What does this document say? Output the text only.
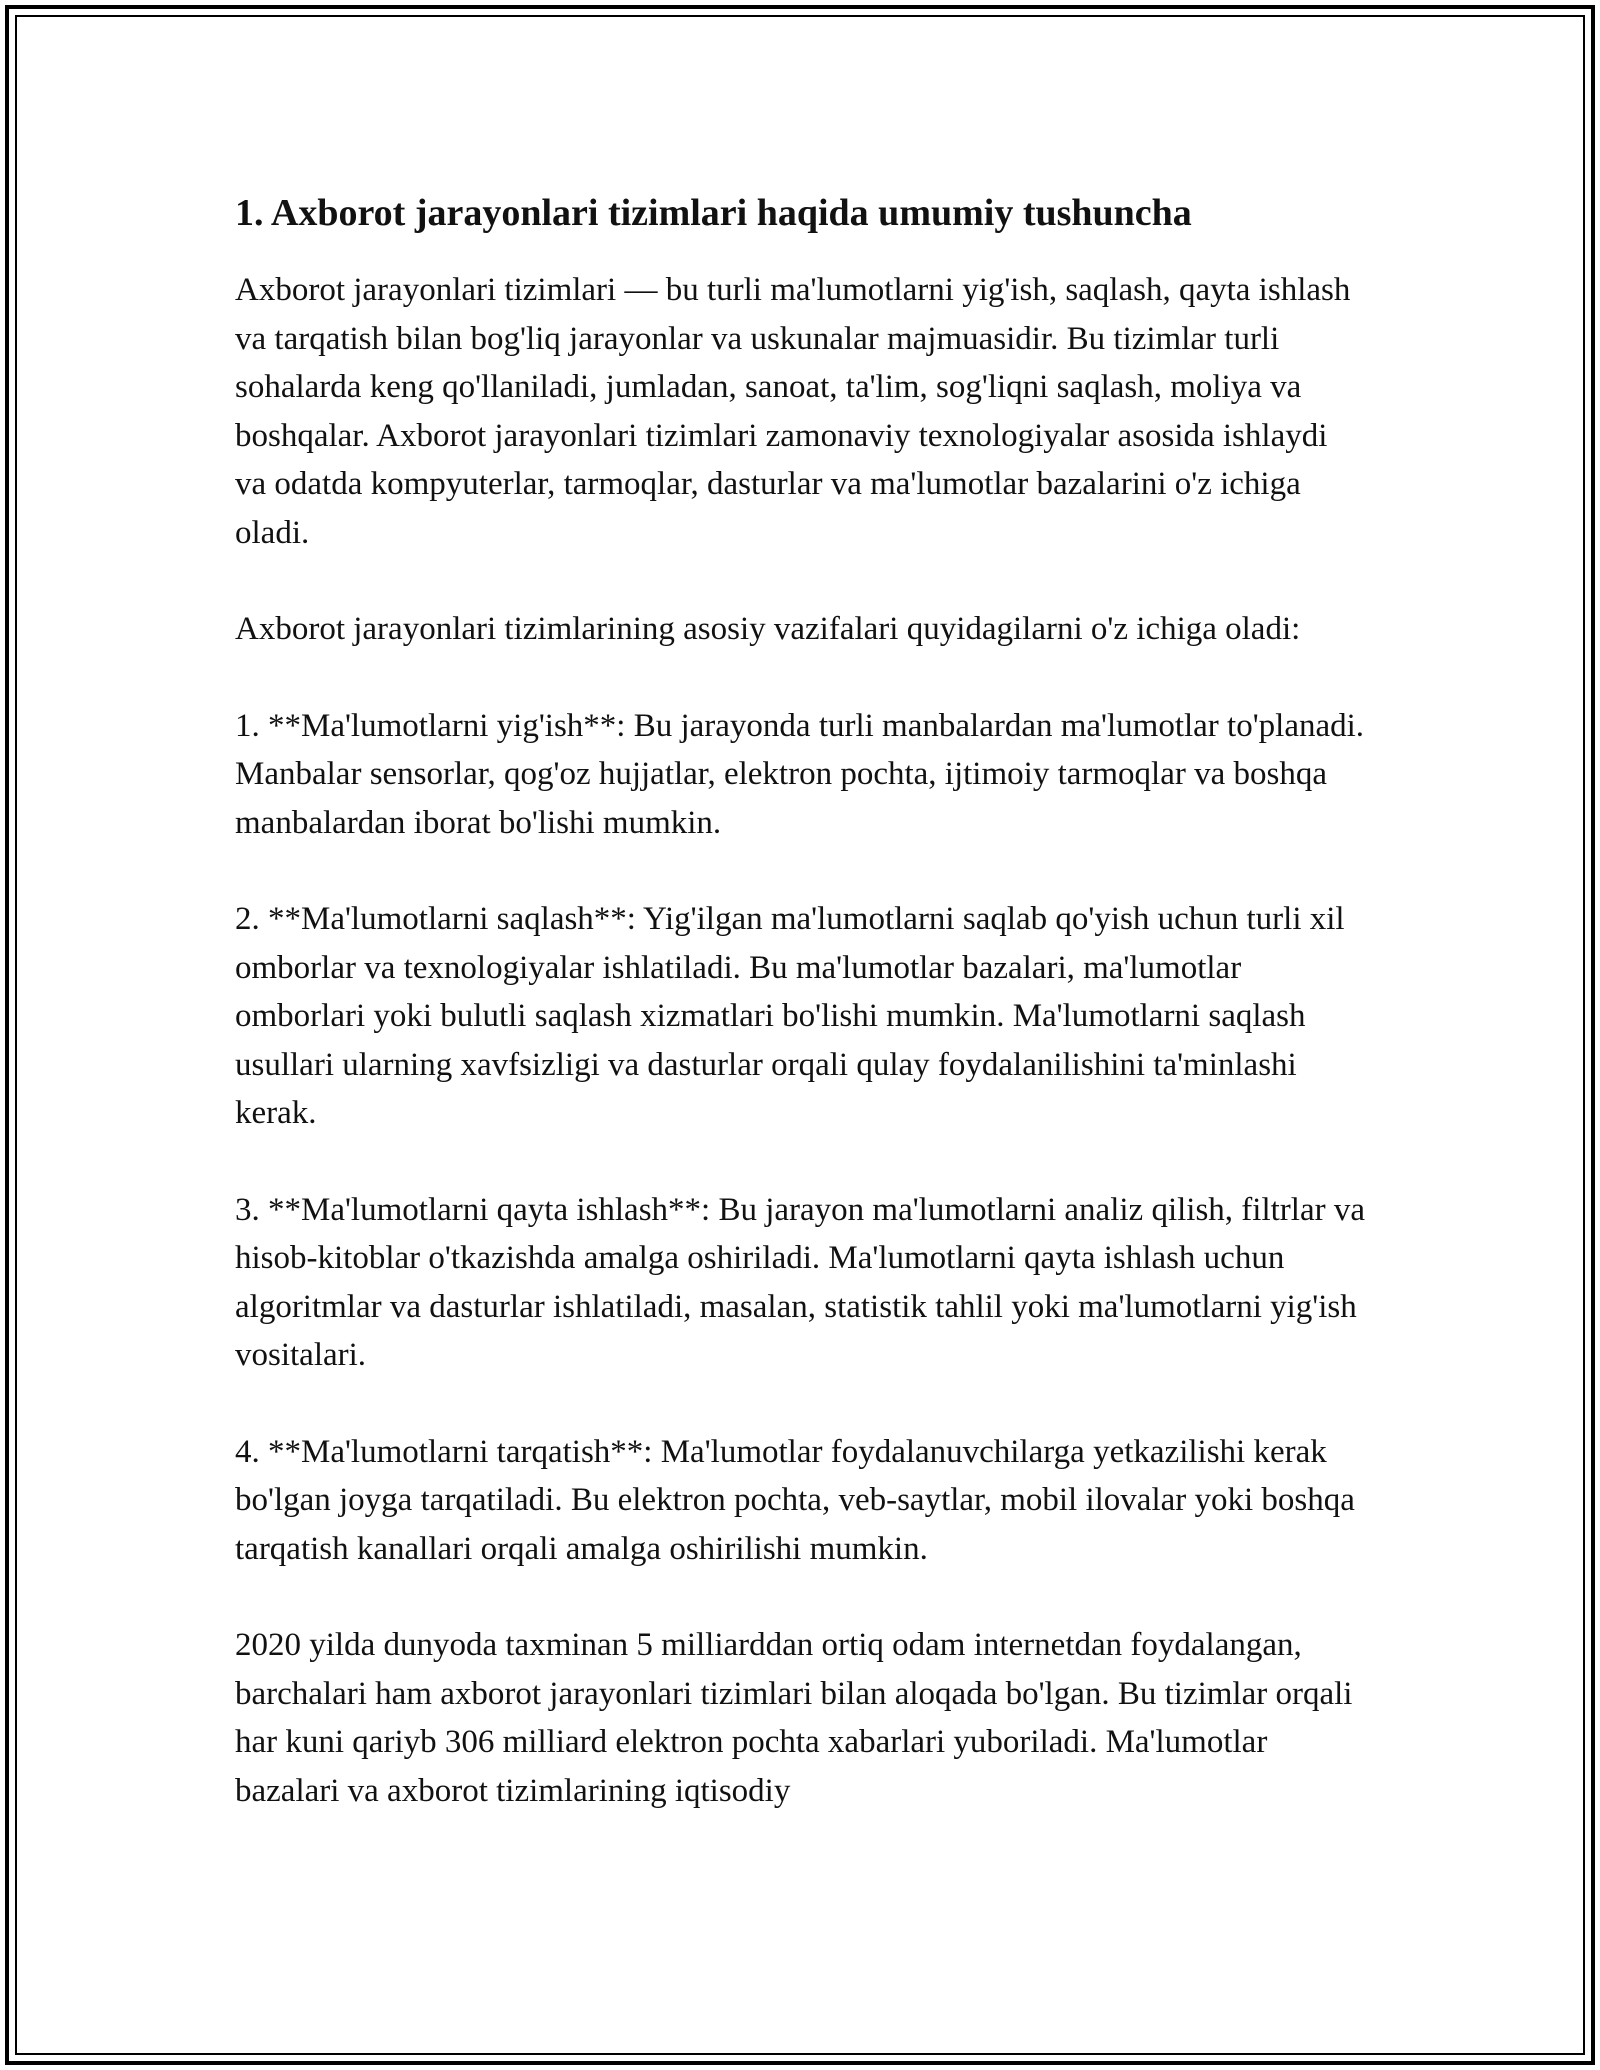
1. Axborot jarayonlari tizimlari haqida umumiy tushuncha

Axborot jarayonlari tizimlari — bu turli ma'lumotlarni yig'ish, saqlash, qayta ishlash va tarqatish bilan bog'liq jarayonlar va uskunalar majmuasidir. Bu tizimlar turli sohalarda keng qo'llaniladi, jumladan, sanoat, ta'lim, sog'liqni saqlash, moliya va boshqalar. Axborot jarayonlari tizimlari zamonaviy texnologiyalar asosida ishlaydi va odatda kompyuterlar, tarmoqlar, dasturlar va ma'lumotlar bazalarini o'z ichiga oladi.

Axborot jarayonlari tizimlarining asosiy vazifalari quyidagilarni o'z ichiga oladi:

1. **Ma'lumotlarni yig'ish**: Bu jarayonda turli manbalardan ma'lumotlar to'planadi. Manbalar sensorlar, qog'oz hujjatlar, elektron pochta, ijtimoiy tarmoqlar va boshqa manbalardan iborat bo'lishi mumkin.

2. **Ma'lumotlarni saqlash**: Yig'ilgan ma'lumotlarni saqlab qo'yish uchun turli xil omborlar va texnologiyalar ishlatiladi. Bu ma'lumotlar bazalari, ma'lumotlar omborlari yoki bulutli saqlash xizmatlari bo'lishi mumkin. Ma'lumotlarni saqlash usullari ularning xavfsizligi va dasturlar orqali qulay foydalanilishini ta'minlashi kerak.

3. **Ma'lumotlarni qayta ishlash**: Bu jarayon ma'lumotlarni analiz qilish, filtrlar va hisob-kitoblar o'tkazishda amalga oshiriladi. Ma'lumotlarni qayta ishlash uchun algoritmlar va dasturlar ishlatiladi, masalan, statistik tahlil yoki ma'lumotlarni yig'ish vositalari.

4. **Ma'lumotlarni tarqatish**: Ma'lumotlar foydalanuvchilarga yetkazilishi kerak bo'lgan joyga tarqatiladi. Bu elektron pochta, veb-saytlar, mobil ilovalar yoki boshqa tarqatish kanallari orqali amalga oshirilishi mumkin.

2020 yilda dunyoda taxminan 5 milliarddan ortiq odam internetdan foydalangan, barchalari ham axborot jarayonlari tizimlari bilan aloqada bo'lgan. Bu tizimlar orqali har kuni qariyb 306 milliard elektron pochta xabarlari yuboriladi. Ma'lumotlar bazalari va axborot tizimlarining iqtisodiy
